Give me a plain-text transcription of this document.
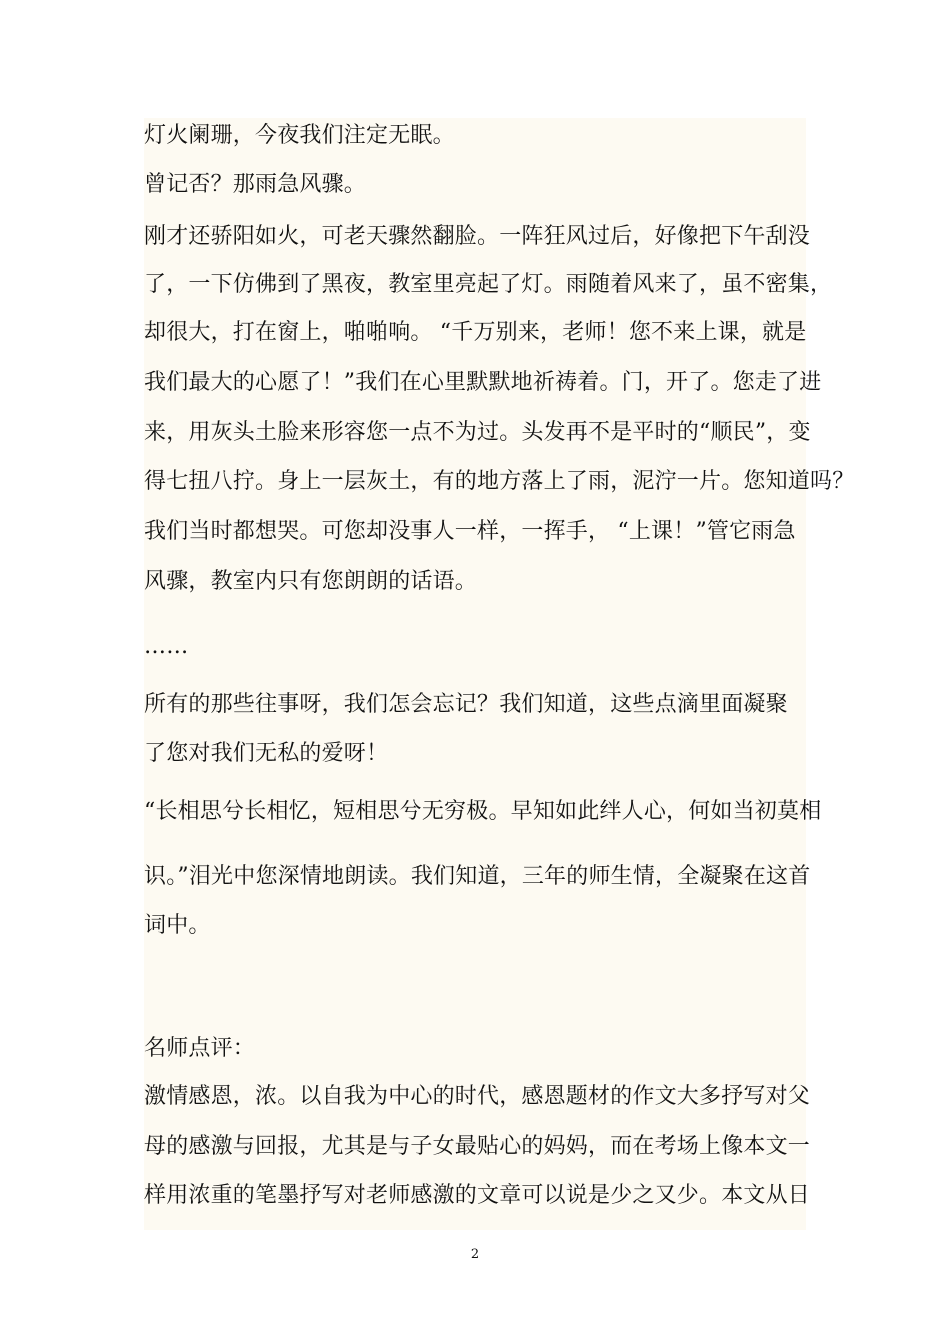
灯火阑珊，今夜我们注定无眠。
曾记否？那雨急风骤。
刚才还骄阳如火，可老天骤然翻脸。一阵狂风过后，好像把下午刮没
了，一下仿佛到了黑夜，教室里亮起了灯。雨随着风来了，虽不密集，
却很大，打在窗上，啪啪响。 “千万别来，老师！您不来上课，就是
我们最大的心愿了！”我们在心里默默地祈祷着。门，开了。您走了进
来，用灰头土脸来形容您一点不为过。头发再不是平时的“顺民”，变
得七扭八拧。身上一层灰土，有的地方落上了雨，泥泞一片。您知道吗？
我们当时都想哭。可您却没事人一样，一挥手， “上课！”管它雨急
风骤，教室内只有您朗朗的话语。
……
所有的那些往事呀，我们怎会忘记？我们知道，这些点滴里面凝聚
了您对我们无私的爱呀！
“长相思兮长相忆，短相思兮无穷极。早知如此绊人心，何如当初莫相
识。”泪光中您深情地朗读。我们知道，三年的师生情，全凝聚在这首
词中。
名师点评：
激情感恩，浓。以自我为中心的时代，感恩题材的作文大多抒写对父
母的感激与回报，尤其是与子女最贴心的妈妈，而在考场上像本文一
样用浓重的笔墨抒写对老师感激的文章可以说是少之又少。本文从日
2
